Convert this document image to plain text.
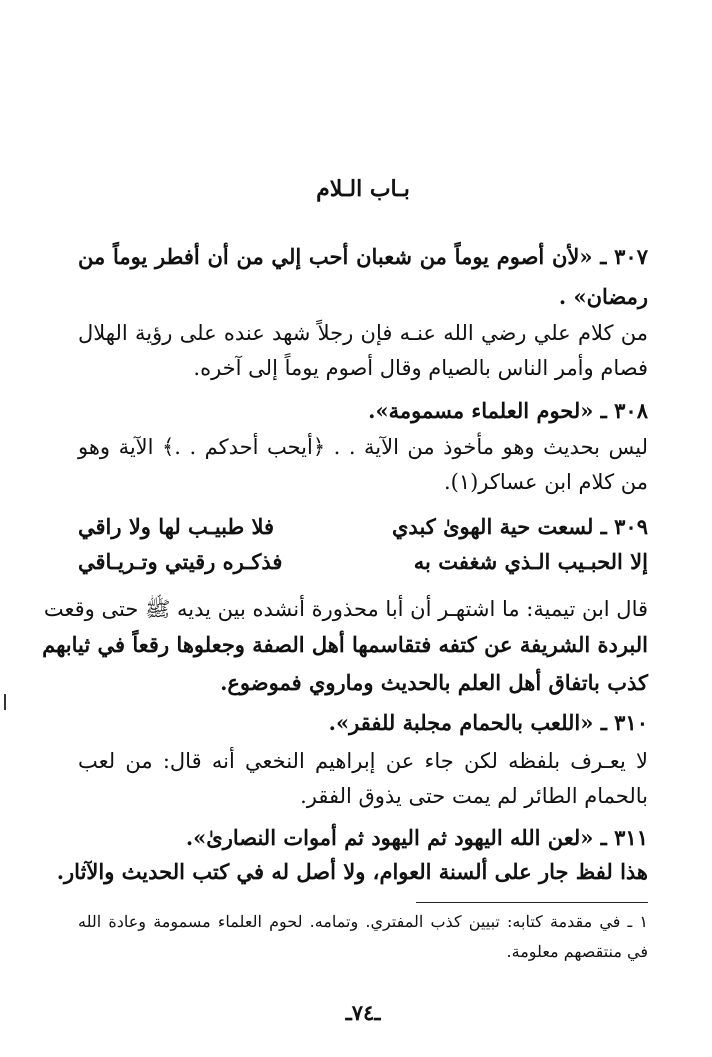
بـاب الـلام
٣٠٧ ـ «لأن أصوم يوماً من شعبان أحب إلي من أن أفطر يوماً من
رمضان» .
من كلام علي رضي الله عنـه فإن رجلاً شهد عنده على رؤية الهلال
فصام وأمر الناس بالصيام وقال أصوم يوماً إلى آخره.
٣٠٨ ـ «لحوم العلماء مسمومة».
ليس بحديث وهو مأخوذ من الآية . . ﴿أيحب أحدكم . .﴾ الآية وهو
من كلام ابن عساكر(١).
٣٠٩ ـ لسعت حية الهوىٰ كبدي
فلا طبيـب لها ولا راقي
إلا الحبـيب الـذي شغفت به
فذكـره رقيتي وتـريـاقي
قال ابن تيمية: ما اشتهـر أن أبا محذورة أنشده بين يديه ﷺ حتى وقعت
البردة الشريفة عن كتفه فتقاسمها أهل الصفة وجعلوها رقعاً في ثيابهم
كذب باتفاق أهل العلم بالحديث وماروي فموضوع.
٣١٠ ـ «اللعب بالحمام مجلبة للفقر».
لا يعـرف بلفظه لكن جاء عن إبراهيم النخعي أنه قال: من لعب
بالحمام الطائر لم يمت حتى يذوق الفقر.
٣١١ ـ «لعن الله اليهود ثم اليهود ثم أموات النصارىٰ».
هذا لفظ جار على ألسنة العوام، ولا أصل له في كتب الحديث والآثار.
١ ـ في مقدمة كتابه: تبيين كذب المفتري. وتمامه. لحوم العلماء مسمومة وعادة الله
في منتقصهم معلومة.
ـ٧٤ـ
